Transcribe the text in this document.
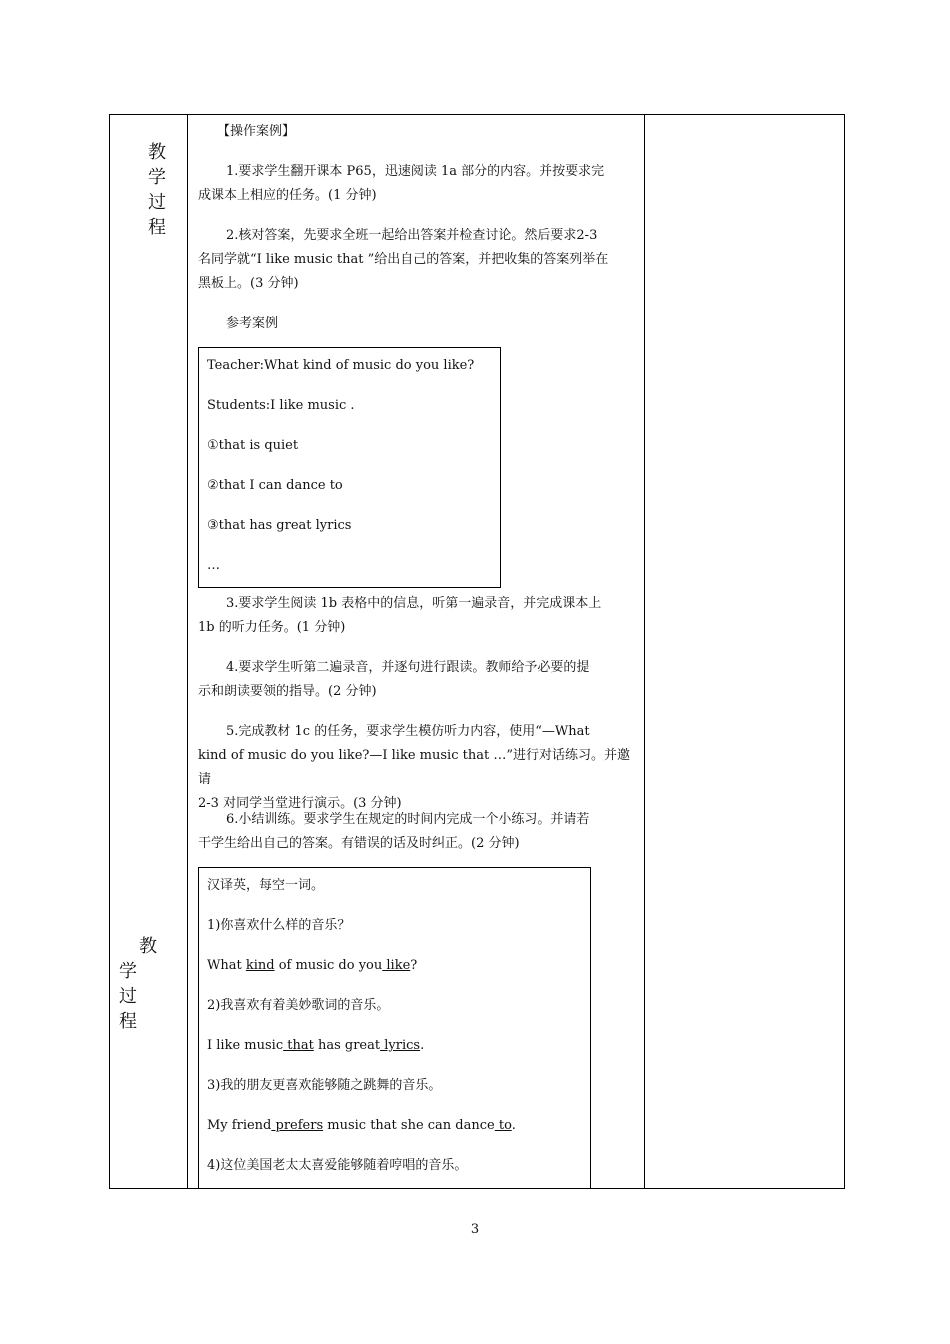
教
学
过
程
教
学
过
程
【操作案例】
1.要求学生翻开课本 P65，迅速阅读 1a 部分的内容。并按要求完
成课本上相应的任务。(1 分钟)
2.核对答案，先要求全班一起给出答案并检查讨论。然后要求2-3
名同学就“I like music that ”给出自己的答案，并把收集的答案列举在
黑板上。(3 分钟)
参考案例
Teacher:What kind of music do you like?
Students:I like music .
①that is quiet
②that I can dance to
③that has great lyrics
…
3.要求学生阅读 1b 表格中的信息，听第一遍录音，并完成课本上
1b 的听力任务。(1 分钟)
4.要求学生听第二遍录音，并逐句进行跟读。教师给予必要的提
示和朗读要领的指导。(2 分钟)
5.完成教材 1c 的任务，要求学生模仿听力内容，使用“—What
kind of music do you like?—I like music that …”进行对话练习。并邀请
2-3 对同学当堂进行演示。(3 分钟)
6.小结训练。要求学生在规定的时间内完成一个小练习。并请若
干学生给出自己的答案。有错误的话及时纠正。(2 分钟)
汉译英，每空一词。
1)你喜欢什么样的音乐？
What kind of music do you like?
2)我喜欢有着美妙歌词的音乐。
I like music that has great lyrics.
3)我的朋友更喜欢能够随之跳舞的音乐。
My friend prefers music that she can dance to.
4)这位美国老太太喜爱能够随着哼唱的音乐。
3
